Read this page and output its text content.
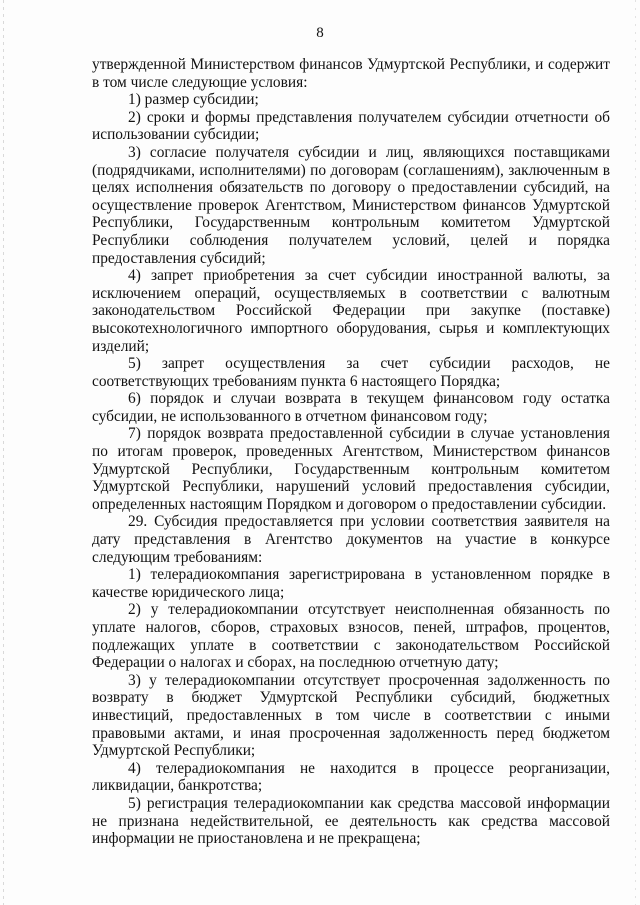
8

утвержденной Министерством финансов Удмуртской Республики, и содержит в том числе следующие условия:

1) размер субсидии;

2) сроки и формы представления получателем субсидии отчетности об использовании субсидии;

3) согласие получателя субсидии и лиц, являющихся поставщиками (подрядчиками, исполнителями) по договорам (соглашениям), заключенным в целях исполнения обязательств по договору о предоставлении субсидий, на осуществление проверок Агентством, Министерством финансов Удмуртской Республики, Государственным контрольным комитетом Удмуртской Республики соблюдения получателем условий, целей и порядка предоставления субсидий;

4) запрет приобретения за счет субсидии иностранной валюты, за исключением операций, осуществляемых в соответствии с валютным законодательством Российской Федерации при закупке (поставке) высокотехнологичного импортного оборудования, сырья и комплектующих изделий;

5) запрет осуществления за счет субсидии расходов, не соответствующих требованиям пункта 6 настоящего Порядка;

6) порядок и случаи возврата в текущем финансовом году остатка субсидии, не использованного в отчетном финансовом году;

7) порядок возврата предоставленной субсидии в случае установления по итогам проверок, проведенных Агентством, Министерством финансов Удмуртской Республики, Государственным контрольным комитетом Удмуртской Республики, нарушений условий предоставления субсидии, определенных настоящим Порядком и договором о предоставлении субсидии.

29. Субсидия предоставляется при условии соответствия заявителя на дату представления в Агентство документов на участие в конкурсе следующим требованиям:

1) телерадиокомпания зарегистрирована в установленном порядке в качестве юридического лица;

2) у телерадиокомпании отсутствует неисполненная обязанность по уплате налогов, сборов, страховых взносов, пеней, штрафов, процентов, подлежащих уплате в соответствии с законодательством Российской Федерации о налогах и сборах, на последнюю отчетную дату;

3) у телерадиокомпании отсутствует просроченная задолженность по возврату в бюджет Удмуртской Республики субсидий, бюджетных инвестиций, предоставленных в том числе в соответствии с иными правовыми актами, и иная просроченная задолженность перед бюджетом Удмуртской Республики;

4) телерадиокомпания не находится в процессе реорганизации, ликвидации, банкротства;

5) регистрация телерадиокомпании как средства массовой информации не признана недействительной, ее деятельность как средства массовой информации не приостановлена и не прекращена;
